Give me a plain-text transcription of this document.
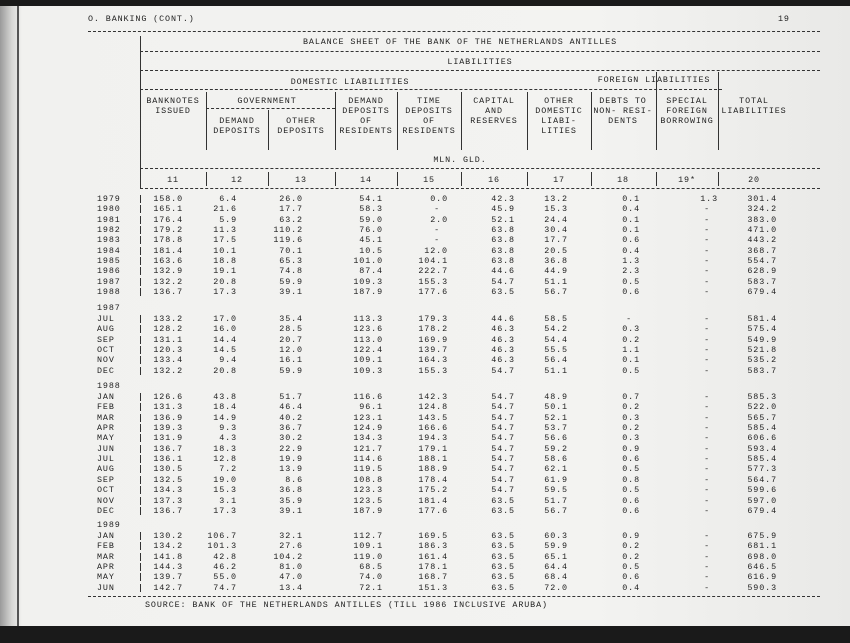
O. BANKING (CONT.)	19
BALANCE SHEET OF THE BANK OF THE NETHERLANDS ANTILLES
LIABILITIES
DOMESTIC LIABILITIES	FOREIGN LIABILITIES
GOVERNMENT
MLN. GLD.
BANKNOTES
ISSUED
11
DEMAND
DEPOSITS
12
OTHER
DEPOSITS
13
DEMAND
DEPOSITS
OF
RESIDENTS
14
TIME
DEPOSITS
OF
RESIDENTS
15
CAPITAL
AND
RESERVES
16
OTHER
DOMESTIC
LIABI-
LITIES
17
DEBTS TO
NON- RESI-
DENTS
18
SPECIAL
FOREIGN
BORROWING
19*
TOTAL
LIABILITIES
20
1979	158.0	6.4	26.0	54.1	0.0	42.3	13.2	0.1	1.3	301.4
1980	165.1	21.6	17.7	58.3	-	45.9	15.3	0.4	-	324.2
1981	176.4	5.9	63.2	59.0	2.0	52.1	24.4	0.1	-	383.0
1982	179.2	11.3	110.2	76.0	-	63.8	30.4	0.1	-	471.0
1983	178.8	17.5	119.6	45.1	-	63.8	17.7	0.6	-	443.2
1984	181.4	10.1	70.1	10.5	12.0	63.8	20.5	0.4	-	368.7
1985	163.6	18.8	65.3	101.0	104.1	63.8	36.8	1.3	-	554.7
1986	132.9	19.1	74.8	87.4	222.7	44.6	44.9	2.3	-	628.9
1987	132.2	20.8	59.9	109.3	155.3	54.7	51.1	0.5	-	583.7
1988	136.7	17.3	39.1	187.9	177.6	63.5	56.7	0.6	-	679.4
1987
JUL	133.2	17.0	35.4	113.3	179.3	44.6	58.5	-	-	581.4
AUG	128.2	16.0	28.5	123.6	178.2	46.3	54.2	0.3	-	575.4
SEP	131.1	14.4	20.7	113.0	169.9	46.3	54.4	0.2	-	549.9
OCT	120.3	14.5	12.0	122.4	139.7	46.3	55.5	1.1	-	521.8
NOV	133.4	9.4	16.1	109.1	164.3	46.3	56.4	0.1	-	535.2
DEC	132.2	20.8	59.9	109.3	155.3	54.7	51.1	0.5	-	583.7
1988
JAN	126.6	43.8	51.7	116.6	142.3	54.7	48.9	0.7	-	585.3
FEB	131.3	18.4	46.4	96.1	124.8	54.7	50.1	0.2	-	522.0
MAR	136.9	14.9	40.2	123.1	143.5	54.7	52.1	0.3	-	565.7
APR	139.3	9.3	36.7	124.9	166.6	54.7	53.7	0.2	-	585.4
MAY	131.9	4.3	30.2	134.3	194.3	54.7	56.6	0.3	-	606.6
JUN	136.7	18.3	22.9	121.7	179.1	54.7	59.2	0.9	-	593.4
JUL	136.1	12.8	19.9	114.6	188.1	54.7	58.6	0.6	-	585.4
AUG	130.5	7.2	13.9	119.5	188.9	54.7	62.1	0.5	-	577.3
SEP	132.5	19.0	8.6	108.8	178.4	54.7	61.9	0.8	-	564.7
OCT	134.3	15.3	36.8	123.3	175.2	54.7	59.5	0.5	-	599.6
NOV	137.3	3.1	35.9	123.5	181.4	63.5	51.7	0.6	-	597.0
DEC	136.7	17.3	39.1	187.9	177.6	63.5	56.7	0.6	-	679.4
1989
JAN	130.2	106.7	32.1	112.7	169.5	63.5	60.3	0.9	-	675.9
FEB	134.2	101.3	27.6	109.1	186.3	63.5	59.9	0.2	-	681.1
MAR	141.8	42.8	104.2	119.0	161.4	63.5	65.1	0.2	-	698.0
APR	144.3	46.2	81.0	68.5	178.1	63.5	64.4	0.5	-	646.5
MAY	139.7	55.0	47.0	74.0	168.7	63.5	68.4	0.6	-	616.9
JUN	142.7	74.7	13.4	72.1	151.3	63.5	72.0	0.4	-	590.3
SOURCE: BANK OF THE NETHERLANDS ANTILLES (TILL 1986 INCLUSIVE ARUBA)
